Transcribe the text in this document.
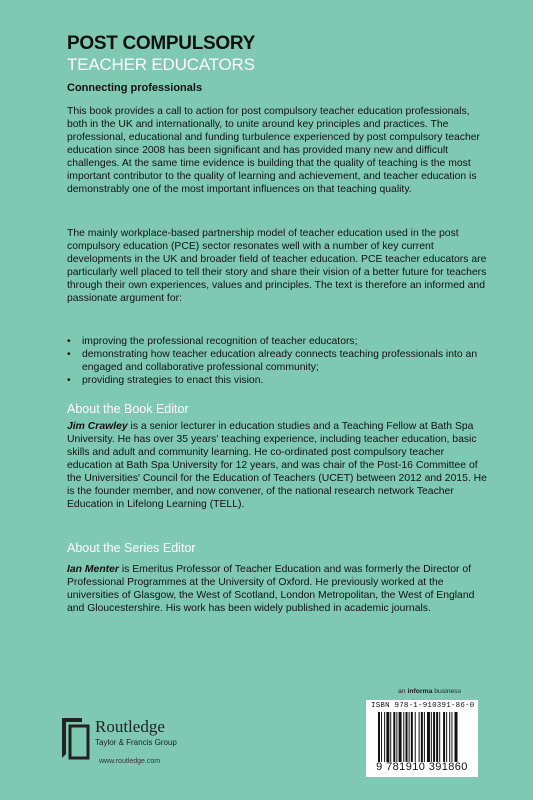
POST COMPULSORY
TEACHER EDUCATORS
Connecting professionals
This book provides a call to action for post compulsory teacher education professionals, both in the UK and internationally, to unite around key principles and practices. The professional, educational and funding turbulence experienced by post compulsory teacher education since 2008 has been significant and has provided many new and difficult challenges. At the same time evidence is building that the quality of teaching is the most important contributor to the quality of learning and achievement, and teacher education is demonstrably one of the most important influences on that teaching quality.
The mainly workplace-based partnership model of teacher education used in the post compulsory education (PCE) sector resonates well with a number of key current developments in the UK and broader field of teacher education. PCE teacher educators are particularly well placed to tell their story and share their vision of a better future for teachers through their own experiences, values and principles. The text is therefore an informed and passionate argument for:
• improving the professional recognition of teacher educators;
• demonstrating how teacher education already connects teaching professionals into an engaged and collaborative professional community;
• providing strategies to enact this vision.
About the Book Editor
Jim Crawley is a senior lecturer in education studies and a Teaching Fellow at Bath Spa University. He has over 35 years' teaching experience, including teacher education, basic skills and adult and community learning. He co-ordinated post compulsory teacher education at Bath Spa University for 12 years, and was chair of the Post-16 Committee of the Universities' Council for the Education of Teachers (UCET) between 2012 and 2015. He is the founder member, and now convener, of the national research network Teacher Education in Lifelong Learning (TELL).
About the Series Editor
Ian Menter is Emeritus Professor of Teacher Education and was formerly the Director of Professional Programmes at the University of Oxford. He previously worked at the universities of Glasgow, the West of Scotland, London Metropolitan, the West of England and Gloucestershire. His work has been widely published in academic journals.
an informa business
ISBN 978-1-910391-86-0
9 781910 391860
Routledge
Taylor & Francis Group
www.routledge.com
